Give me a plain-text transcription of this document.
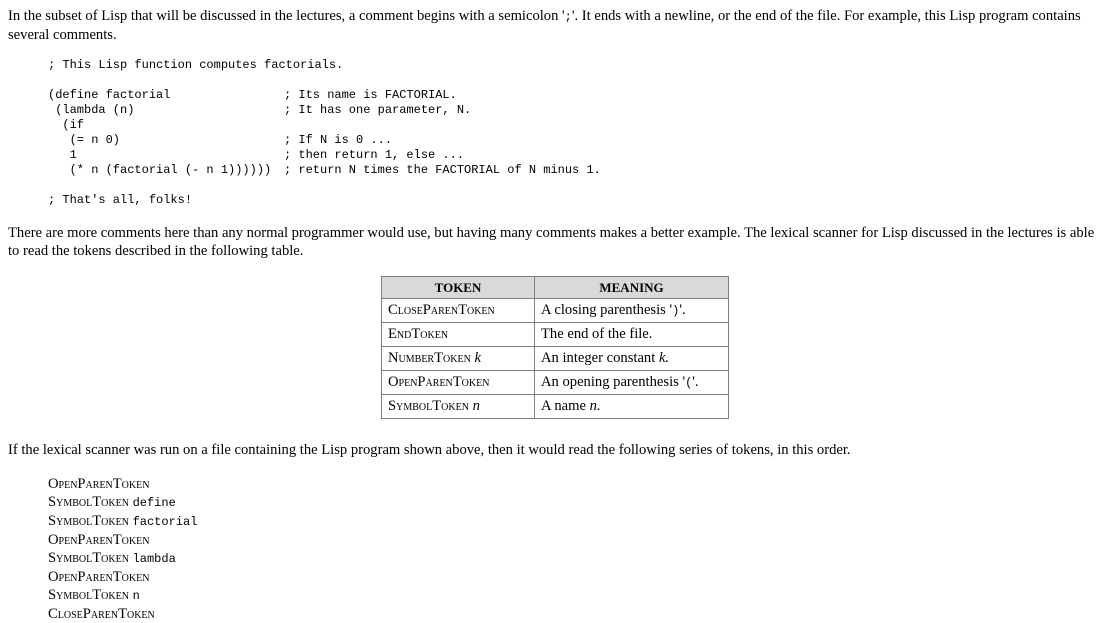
In the subset of Lisp that will be discussed in the lectures, a comment begins with a semicolon ';'. It ends with a newline, or the end of the file. For example, this Lisp program contains several comments.

; This Lisp function computes factorials.
(define factorial	; Its name is FACTORIAL.
(lambda (n)	; It has one parameter, N.
(if
(= n 0)	; If N is 0 ...
1	; then return 1, else ...
(* n (factorial (- n 1)))))) ; return N times the FACTORIAL of N minus 1.
; That's all, folks!

There are more comments here than any normal programmer would use, but having many comments makes a better example. The lexical scanner for Lisp discussed in the lectures is able to read the tokens described in the following table.

TOKEN	MEANING
CloseParenToken	A closing parenthesis ')'.
EndToken	The end of the file.
NumberToken k	An integer constant k.
OpenParenToken	An opening parenthesis '('.
SymbolToken n	A name n.

If the lexical scanner was run on a file containing the Lisp program shown above, then it would read the following series of tokens, in this order.

OpenParenToken
SymbolToken define
SymbolToken factorial
OpenParenToken
SymbolToken lambda
OpenParenToken
SymbolToken n
CloseParenToken
